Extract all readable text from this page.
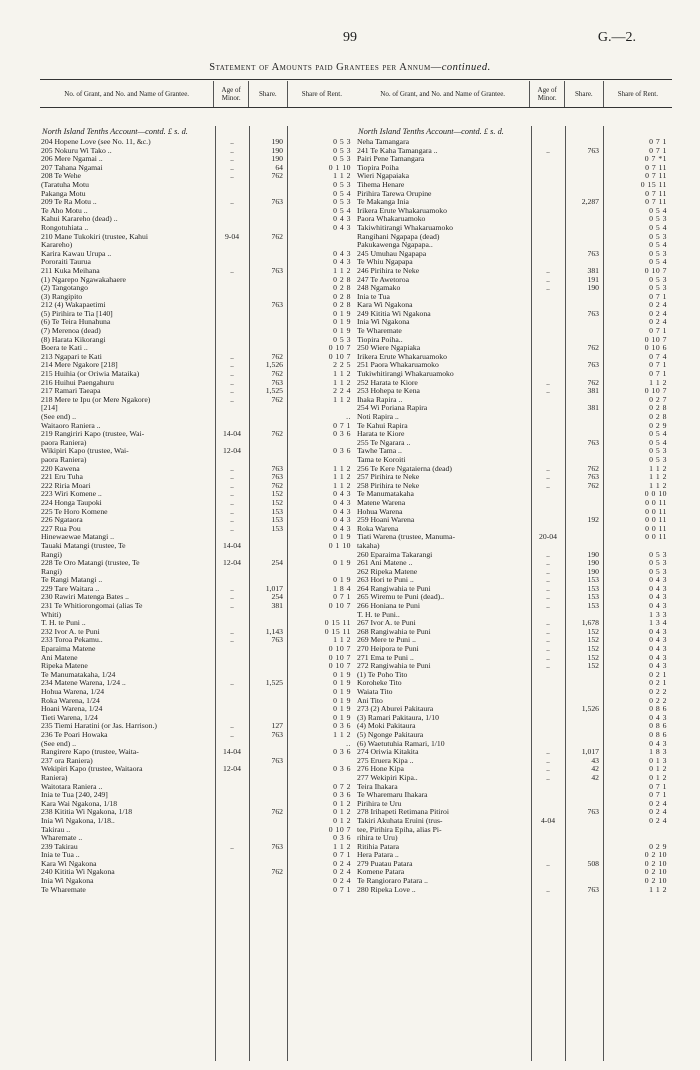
99	G.—2.
Statement of Amounts paid Grantees per Annum—continued.
No. of Grant, and No. and Name of Grantee.	Age of Minor.	Share.	Share of Rent.
North Island Tenths Account—contd. £ s. d.
204 Hopene Love (see No. 11, &c.)	..	190	0 5 3
205 Nokuru Wi Tako ..	..	190	0 5 3
206 Mere Ngamai ..	..	190	0 5 3
207 Tahana Ngamai	..	64	0 1 10
208 Te Wehe	..	762	1 1 2
(Taratuha Motu	0 5 3
Pakanga Motu	0 5 4
209 Te Ra Motu ..	..	763	0 5 3
Te Aho Motu ..	0 5 4
Kahui Karareho (dead) ..	0 4 3
Rongotuhiata ..	0 4 3
210 Mane Tukokiri (trustee, Kahui	9-04	762
Karareho)
Karira Kawau Urupa ..	0 4 3
Pororaiti Taurua	0 4 3
211 Kuka Meihana	..	763	1 1 2
(1) Ngarepo Ngawakahaere	0 2 8
(2) Tangotango	0 2 8
(3) Rangipito	0 2 8
212 (4) Wakapaetimi	763	0 2 8
(5) Pirihira te Tia [140]	0 1 9
(6) Te Teira Hunahuna	0 1 9
(7) Merenoa (dead)	0 1 9
(8) Harata Kikorangi	0 5 3
Boera te Kati ..	0 10 7
213 Ngapari te Kati	..	762	0 10 7
214 Mere Ngakore [218]	..	1,526	2 2 5
215 Huihia (or Oriwia Mataika)	..	762	1 1 2
216 Huihui Paengahuru	..	763	1 1 2
217 Ramari Taeapa	..	1,525	2 2 4
218 Mere te Ipu (or Mere Ngakore)	..	762	1 1 2
[214]
(See end) ..	..
Waitaoro Raniera ..	0 7 1
219 Rangiriri Kapo (trustee, Wai-	14-04	762	0 3 6
paora Raniera)
Wikipiri Kapo (trustee, Wai-	12-04	0 3 6
paora Raniera)
220 Kawena	..	763	1 1 2
221 Eru Tuha	..	763	1 1 2
222 Riria Moari	..	762	1 1 2
223 Wiri Komene ..	..	152	0 4 3
224 Honga Taupoki	..	152	0 4 3
225 Te Horo Komene	..	153	0 4 3
226 Ngataora	..	153	0 4 3
227 Rua Pou	..	153	0 4 3
Hinewaewae Matangi ..	0 1 9
Tauaki Matangi (trustee, Te	14-04	0 1 10
Rangi)
228 Te Oro Matangi (trustee, Te	12-04	254	0 1 9
Rangi)
Te Rangi Matangi ..	0 1 9
229 Tare Waitara ..	..	1,017	1 8 4
230 Rawiri Matenga Bates ..	..	254	0 7 1
231 Te Whitiorongomai (alias Te	..	381	0 10 7
Whiti)
T. H. te Puni ..	0 15 11
232 Ivor A. te Puni	..	1,143	0 15 11
233 Toroa Pekamu..	..	763	1 1 2
Eparaima Matene	0 10 7
Ani Matene	0 10 7
Ripeka Matene	0 10 7
Te Manumatakaha, 1/24	0 1 9
234 Matene Warena, 1/24 ..	..	1,525	0 1 9
Hohua Warena, 1/24	0 1 9
Roka Warena, 1/24	0 1 9
Hoani Warena, 1/24	0 1 9
Tieti Warena, 1/24	0 1 9
235 Tiemi Haratini (or Jas. Harrison.)	..	127	0 3 6
236 Te Poari Howaka	..	763	1 1 2
(See end) ..	..
Rangirere Kapo (trustee, Waita-	14-04	0 3 6
237 ora Raniera)	763
Wekipiri Kapo (trustee, Waitaora	12-04	0 3 6
Raniera)
Waitotara Raniera ..	0 7 2
Inia te Tua [240, 249]	0 3 6
Kara Wai Ngakona, 1/18	0 1 2
238 Kititia Wi Ngakona, 1/18	762	0 1 2
Inia Wi Ngakona, 1/18..	0 1 2
Takirau ..	0 10 7
Wharemate ..	0 3 6
239 Takirau	..	763	1 1 2
Inia te Tua ..	0 7 1
Kara Wi Ngakona	0 2 4
240 Kititia Wi Ngakona	762	0 2 4
Inia Wi Ngakona	0 2 4
Te Wharemate	0 7 1
No. of Grant, and No. and Name of Grantee.	Age of Minor.	Share.	Share of Rent.
North Island Tenths Account—contd. £ s. d.
Neha Tamangara	0 7 1
241 Te Kaha Tamangara ..	..	763	0 7 1
Pairi Pene Tamangara	0 7 *1
Tiopira Poiha	0 7 11
Wieri Ngapaiaka	0 7 11
Tihema Henare	0 15 11
Pirihira Tarewa Orupine	0 7 11
Te Makanga Inia	2,287	0 7 11
Irikera Erute Whakaruamoko	0 5 4
Paora Whakaruamoko	0 5 3
Takiwhitirangi Whakaruamoko	0 5 4
Rangihani Ngapapa (dead)	0 5 3
Pakukawenga Ngapapa..	0 5 4
245 Umuhau Ngapapa	763	0 5 3
Te Whiu Ngapapa	0 5 4
246 Pirihira te Neke	..	381	0 10 7
247 Te Awetoroa	..	191	0 5 3
248 Ngamako	..	190	0 5 3
Inia te Tua	0 7 1
Kara Wi Ngakona	0 2 4
249 Kititia Wi Ngakona	763	0 2 4
Inia Wi Ngakona	0 2 4
Te Wharemate	0 7 1
Tiopira Poiha..	0 10 7
250 Wiere Ngapiaka	762	0 10 6
Irikera Erute Whakaruamoko	0 7 4
251 Paora Whakaruamoko	763	0 7 1
Tukiwhitirangi Whakaruamoko	0 7 1
252 Harata te Kiore	..	762	1 1 2
253 Hohepa te Kena	..	381	0 10 7
Ihaka Rapira ..	0 2 7
254 Wi Poriana Rapira	381	0 2 8
Noti Rapira ..	0 2 8
Te Kahui Rapira	0 2 9
Harata te Kiore	0 5 4
255 Te Ngarara ..	763	0 5 4
Tawhe Tama ..	0 5 3
Tama te Koroiti	0 5 3
256 Te Kere Ngataierna (dead)	..	762	1 1 2
257 Pirihira te Neke	..	763	1 1 2
258 Pirihira te Neke	..	762	1 1 2
Te Manumatakaha	0 0 10
Matene Warena	0 0 11
Hohua Warena	0 0 11
259 Hoani Warena	192	0 0 11
Roka Warena	0 0 11
Tiati Warena (trustee, Manuma-	20-04	0 0 11
takaha)
260 Eparaima Takarangi	..	190	0 5 3
261 Ani Matene ..	..	190	0 5 3
262 Ripeka Matene	..	190	0 5 3
263 Hori te Puni ..	..	153	0 4 3
264 Rangiwahia te Puni	..	153	0 4 3
265 Wiremu te Puni (dead)..	..	153	0 4 3
266 Honiana te Puni	..	153	0 4 3
T. H. te Puni..	1 3 3
267 Ivor A. te Puni	..	1,678	1 3 4
268 Rangiwahia te Puni	..	152	0 4 3
269 Mere te Puni ..	..	152	0 4 3
270 Heipora te Puni	..	152	0 4 3
271 Ema te Puni ..	..	152	0 4 3
272 Rangiwahia te Puni	..	152	0 4 3
(1) Te Poho Tito	0 2 1
Koroheke Tito	0 2 1
Waiata Tito	0 2 2
Ani Tito	0 2 2
273 (2) Aburei Pakitaura	1,526	0 8 6
(3) Ramari Pakitaura, 1/10	0 4 3
(4) Moki Pakitaura	0 8 6
(5) Ngonge Pakitaura	0 8 6
(6) Waetutuhia Ramari, 1/10	0 4 3
274 Oriwia Kitakita	..	1,017	1 8 3
275 Eruera Kipa ..	..	43	0 1 3
276 Hone Kipa	..	42	0 1 2
277 Wekipiri Kipa..	..	42	0 1 2
Teira Ihakara	0 7 1
Te Wharemaru Ihakara	0 7 1
Pirihira te Uru	0 2 4
278 Irihapeti Retimana Pitiroi	763	0 2 4
Takiri Akuhata Eruini (trus-	4-04	0 2 4
tee, Pirihira Epiha, alias Pi-
rihira te Uru)
Ritihia Patara	0 2 9
Hera Patara ..	0 2 10
279 Puatau Patara	..	508	0 2 10
Komene Patara	0 2 10
Te Rangioraro Patara ..	0 2 10
280 Ripeka Love ..	..	763	1 1 2
